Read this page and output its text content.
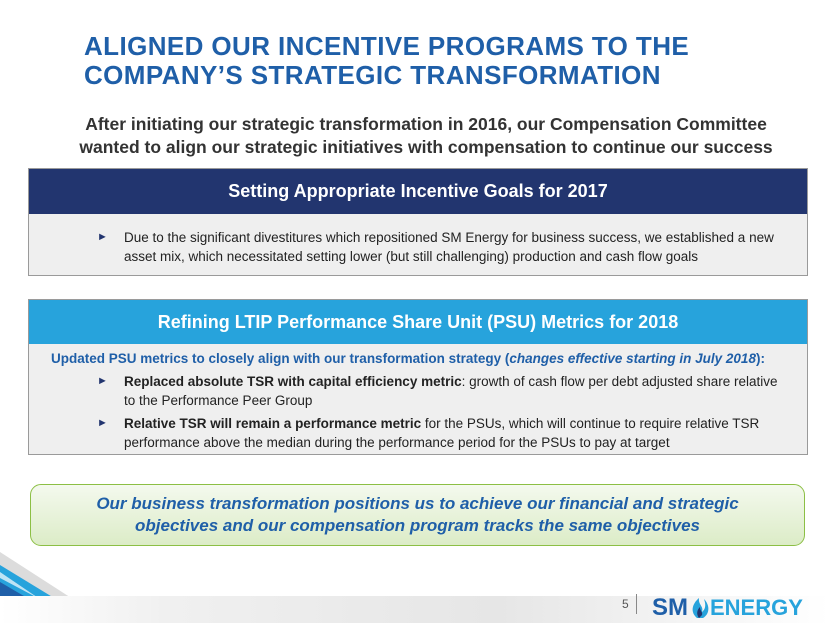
ALIGNED OUR INCENTIVE PROGRAMS TO THE
COMPANY’S STRATEGIC TRANSFORMATION
After initiating our strategic transformation in 2016, our Compensation Committee
wanted to align our strategic initiatives with compensation to continue our success
Setting Appropriate Incentive Goals for 2017
► Due to the significant divestitures which repositioned SM Energy for business success, we established a new asset mix, which necessitated setting lower (but still challenging) production and cash flow goals
Refining LTIP Performance Share Unit (PSU) Metrics for 2018
Updated PSU metrics to closely align with our transformation strategy (changes effective starting in July 2018):
► Replaced absolute TSR with capital efficiency metric: growth of cash flow per debt adjusted share relative to the Performance Peer Group
► Relative TSR will remain a performance metric for the PSUs, which will continue to require relative TSR performance above the median during the performance period for the PSUs to pay at target
Our business transformation positions us to achieve our financial and strategic
objectives and our compensation program tracks the same objectives
5 SM ENERGY
